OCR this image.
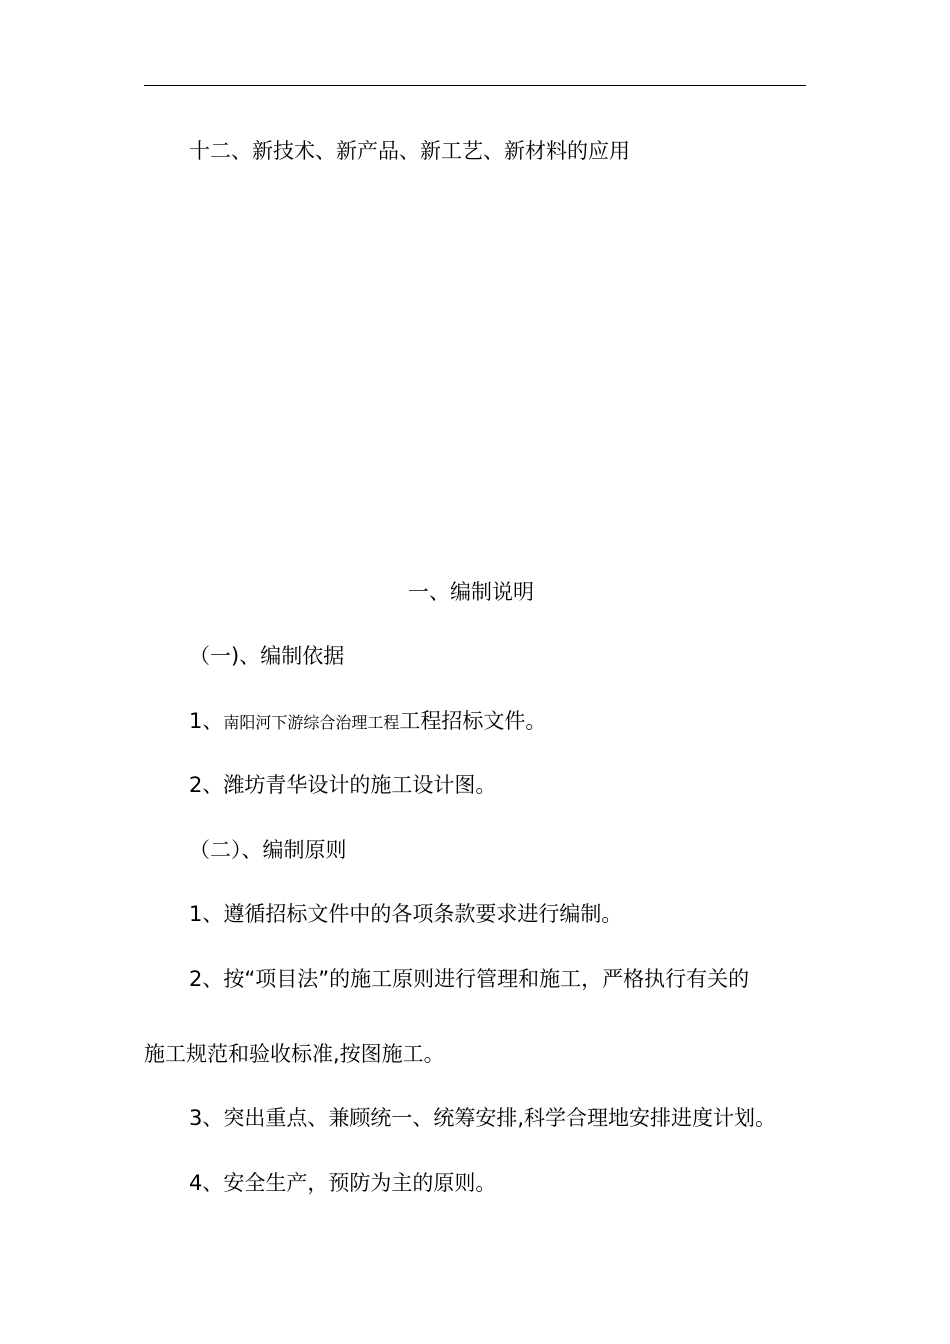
十二、新技术、新产品、新工艺、新材料的应用
一、编制说明
（一)、编制依据
1、南阳河下游综合治理工程工程招标文件。
2、潍坊青华设计的施工设计图。
（二）、编制原则
1、遵循招标文件中的各项条款要求进行编制。
2、按“项目法”的施工原则进行管理和施工，严格执行有关的
施工规范和验收标准,按图施工。
3、突出重点、兼顾统一、统筹安排,科学合理地安排进度计划。
4、安全生产，预防为主的原则。
